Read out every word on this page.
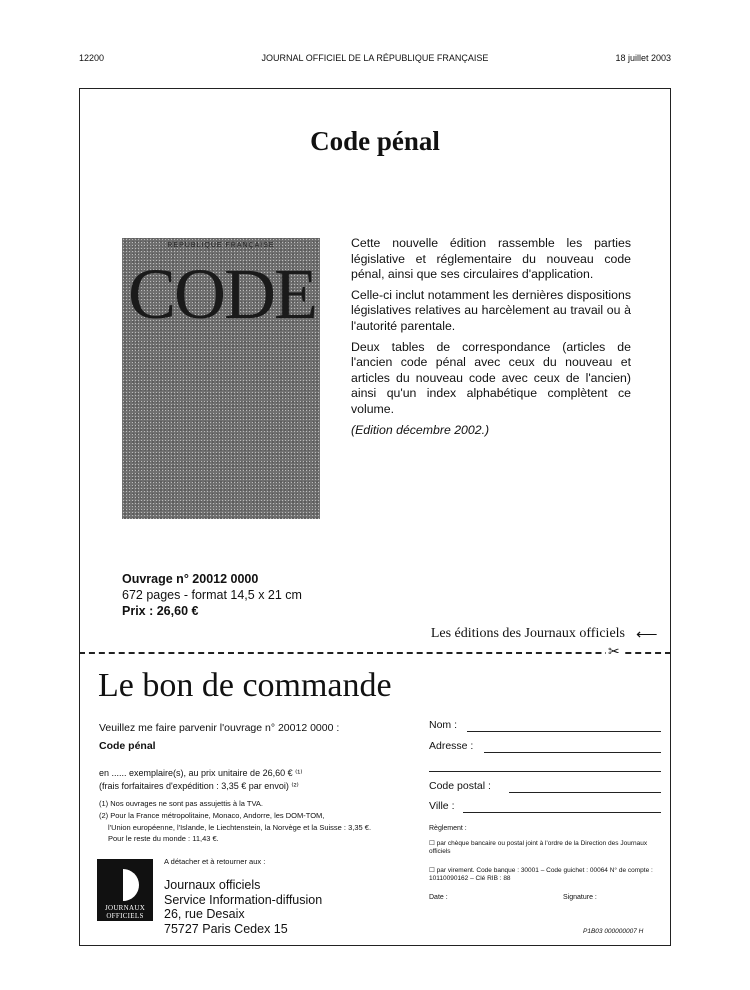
12200	JOURNAL OFFICIEL DE LA RÉPUBLIQUE FRANÇAISE	18 juillet 2003
Code pénal
RÉPUBLIQUE FRANÇAISE
CODE

Cette nouvelle édition rassemble les parties législative et réglementaire du nouveau code pénal, ainsi que ses circulaires d'application.

Celle-ci inclut notamment les dernières dispositions législatives relatives au harcèlement au travail ou à l'autorité parentale.

Deux tables de correspondance (articles de l'ancien code pénal avec ceux du nouveau et articles du nouveau code avec ceux de l'ancien) ainsi qu'un index alphabétique complètent ce volume.

(Edition décembre 2002.)

Ouvrage n° 20012 0000
672 pages - format 14,5 x 21 cm
Prix : 26,60 €
Les éditions des Journaux officiels ⟵
✂
Le bon de commande
Veuillez me faire parvenir l'ouvrage n° 20012 0000 :
Code pénal
en ...... exemplaire(s), au prix unitaire de 26,60 € ⁽¹⁾
(frais forfaitaires d'expédition : 3,35 € par envoi) ⁽²⁾
(1) Nos ouvrages ne sont pas assujettis à la TVA.
(2) Pour la France métropolitaine, Monaco, Andorre, les DOM-TOM,
l'Union européenne, l'Islande, le Liechtenstein, la Norvège et la Suisse : 3,35 €.
Pour le reste du monde : 11,43 €.
A détacher et à retourner aux :
JOURNAUX OFFICIELS
Journaux officiels
Service Information-diffusion
26, rue Desaix
75727 Paris Cedex 15
Nom :
Adresse :
Code postal :
Ville :
Règlement :
☐ par chèque bancaire ou postal joint à l'ordre de la Direction des Journaux officiels
☐ par virement. Code banque : 30001 – Code guichet : 00064 N° de compte : 10110090162 – Clé RIB : 88
Date :	Signature :
P1B03 000000007 H
